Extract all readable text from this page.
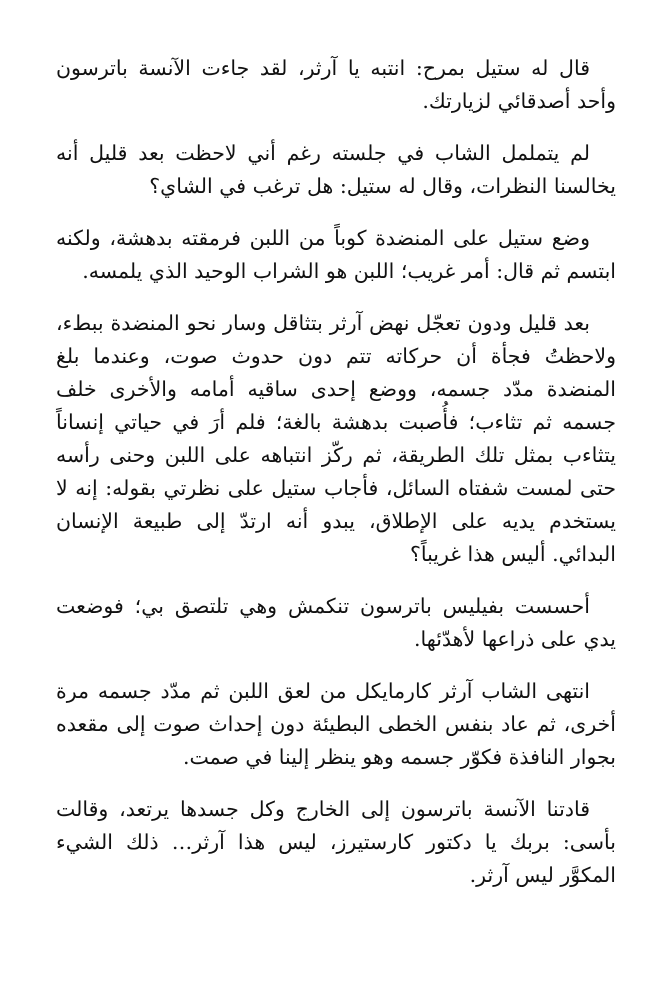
قال له ستيل بمرح: انتبه يا آرثر، لقد جاءت الآنسة باترسون وأحد أصدقائي لزيارتك.

لم يتململ الشاب في جلسته رغم أني لاحظت بعد قليل أنه يخالسنا النظرات، وقال له ستيل: هل ترغب في الشاي؟

وضع ستيل على المنضدة كوباً من اللبن فرمقته بدهشة، ولكنه ابتسم ثم قال: أمر غريب؛ اللبن هو الشراب الوحيد الذي يلمسه.

بعد قليل ودون تعجّل نهض آرثر بتثاقل وسار نحو المنضدة ببطء، ولاحظتُ فجأة أن حركاته تتم دون حدوث صوت، وعندما بلغ المنضدة مدّد جسمه، ووضع إحدى ساقيه أمامه والأخرى خلف جسمه ثم تثاءب؛ فأُصبت بدهشة بالغة؛ فلم أرَ في حياتي إنساناً يتثاءب بمثل تلك الطريقة، ثم ركّز انتباهه على اللبن وحنى رأسه حتى لمست شفتاه السائل، فأجاب ستيل على نظرتي بقوله: إنه لا يستخدم يديه على الإطلاق، يبدو أنه ارتدّ إلى طبيعة الإنسان البدائي. أليس هذا غريباً؟

أحسست بفيليس باترسون تنكمش وهي تلتصق بي؛ فوضعت يدي على ذراعها لأهدّئها.

انتهى الشاب آرثر كارمايكل من لعق اللبن ثم مدّد جسمه مرة أخرى، ثم عاد بنفس الخطى البطيئة دون إحداث صوت إلى مقعده بجوار النافذة فكوّر جسمه وهو ينظر إلينا في صمت.

قادتنا الآنسة باترسون إلى الخارج وكل جسدها يرتعد، وقالت بأسى: بربك يا دكتور كارستيرز، ليس هذا آرثر… ذلك الشيء المكوَّر ليس آرثر.
